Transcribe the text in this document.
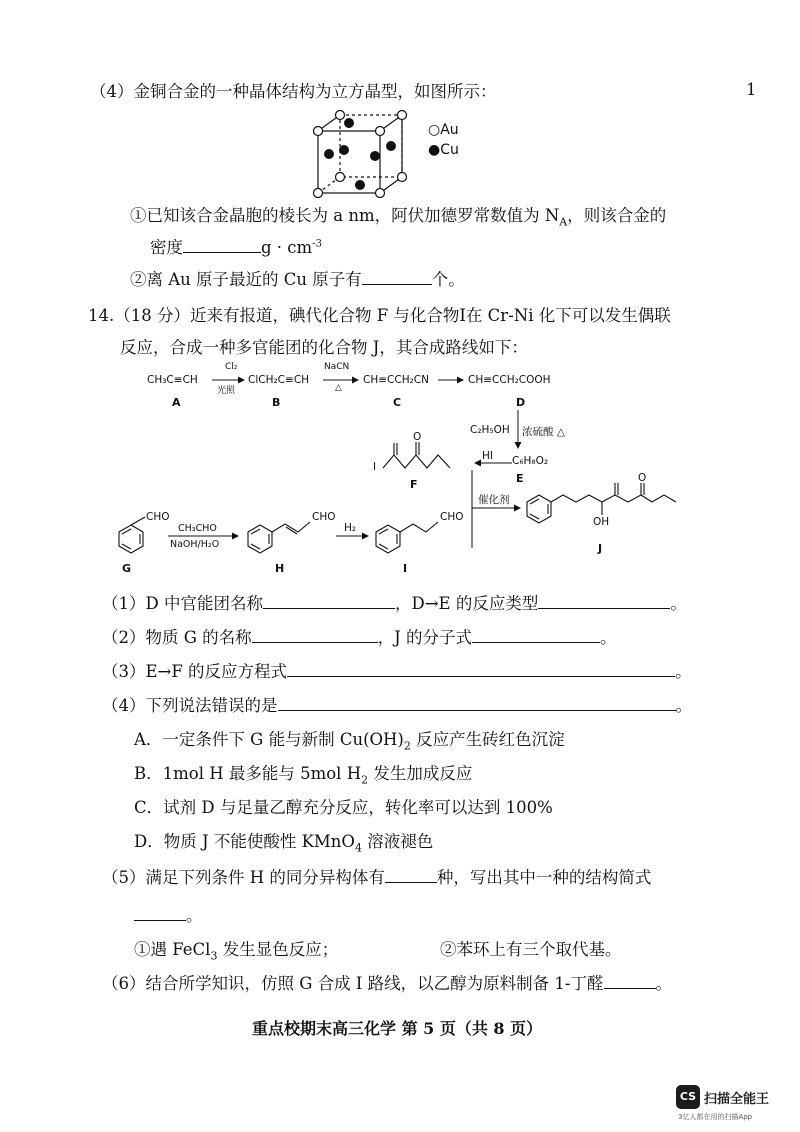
1
（4）金铜合金的一种晶体结构为立方晶型，如图所示：
○Au
●Cu
①已知该合金晶胞的棱长为 a nm，阿伏加德罗常数值为 $N_A$，则该合金的
密度	$g \cdot cm^{-3}$
②离 Au 原子最近的 Cu 原子有	个。
14.（18 分）近来有报道，碘代化合物 F 与化合物I在 Cr-Ni 化下可以发生偶联
反应，合成一种多官能团的化合物 J，其合成路线如下：
CH₃C≡CH
A
Cl₂
光照
ClCH₂C≡CH
B
NaCN
△
CH≡CCH₂CN
C
CH≡CCH₂COOH
D
C₂H₅OH 浓硫酸 △
C₆H₈O₂
E
HI
I
O
F
催化剂
CHO
G
CH₃CHO
NaOH/H₂O
CHO
H
H₂
CHO
I
OH
O
J
（1）D 中官能团名称	，D→E 的反应类型	。
（2）物质 G 的名称	，J 的分子式	。
（3）E→F 的反应方程式	。
（4）下列说法错误的是	。
A．一定条件下 G 能与新制 $Cu(OH)_2$ 反应产生砖红色沉淀
B．1mol H 最多能与 5mol $H_2$ 发生加成反应
C．试剂 D 与足量乙醇充分反应，转化率可以达到 100%
D．物质 J 不能使酸性 KMnO$_4$ 溶液褪色
（5）满足下列条件 H 的同分异构体有	种，写出其中一种的结构简式
。
①遇 FeCl$_3$ 发生显色反应；	②苯环上有三个取代基。
（6）结合所学知识，仿照 G 合成 I 路线，以乙醇为原料制备 1-丁醛	。
重点校期末高三化学 第 5 页（共 8 页）
CS 扫描全能王
3亿人都在用的扫描App
